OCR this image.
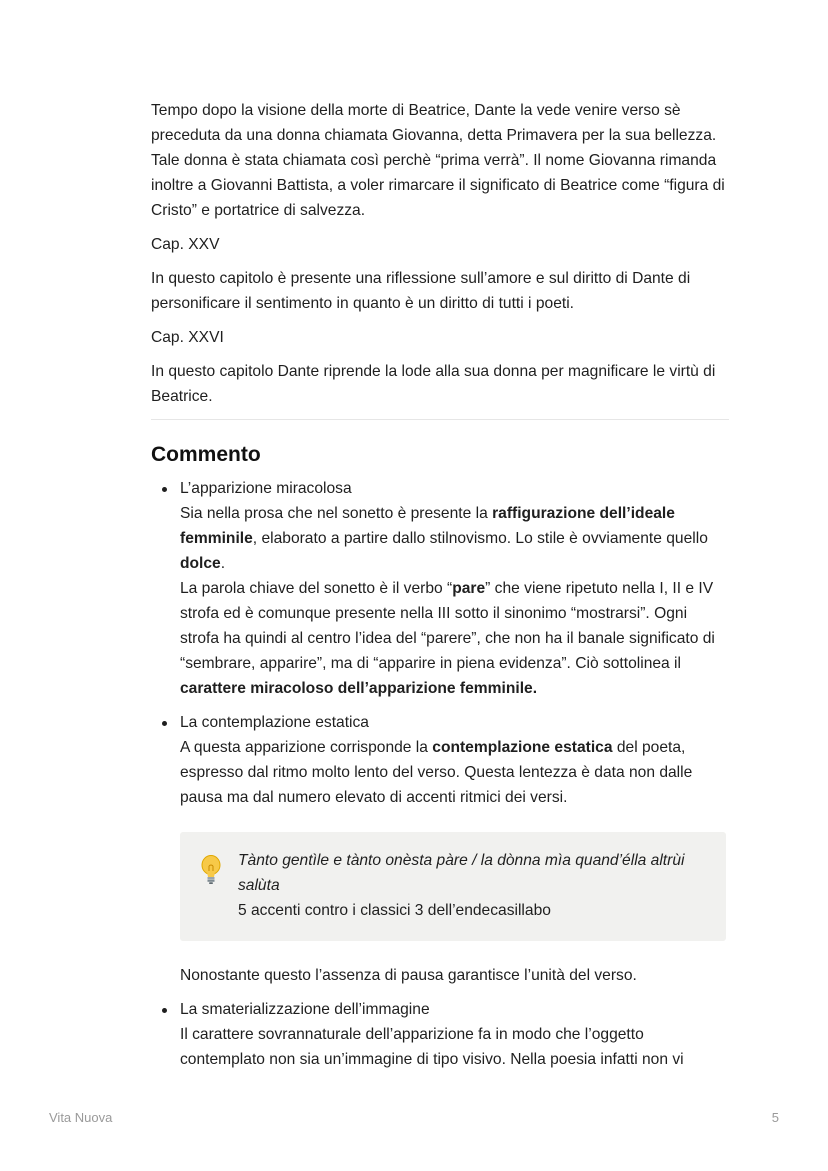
Tempo dopo la visione della morte di Beatrice, Dante la vede venire verso sè preceduta da una donna chiamata Giovanna, detta Primavera per la sua bellezza. Tale donna è stata chiamata così perchè “prima verrà”. Il nome Giovanna rimanda inoltre a Giovanni Battista, a voler rimarcare il significato di Beatrice come “figura di Cristo” e portatrice di salvezza.

Cap. XXV

In questo capitolo è presente una riflessione sull’amore e sul diritto di Dante di personificare il sentimento in quanto è un diritto di tutti i poeti.

Cap. XXVI

In questo capitolo Dante riprende la lode alla sua donna per magnificare le virtù di Beatrice.

Commento

L’apparizione miracolosa

Sia nella prosa che nel sonetto è presente la raffigurazione dell’ideale femminile, elaborato a partire dallo stilnovismo. Lo stile è ovviamente quello dolce.

La parola chiave del sonetto è il verbo “pare” che viene ripetuto nella I, II e IV strofa ed è comunque presente nella III sotto il sinonimo “mostrarsi”. Ogni strofa ha quindi al centro l’idea del “parere”, che non ha il banale significato di “sembrare, apparire”, ma di “apparire in piena evidenza”. Ciò sottolinea il carattere miracoloso dell’apparizione femminile.

La contemplazione estatica

A questa apparizione corrisponde la contemplazione estatica del poeta, espresso dal ritmo molto lento del verso. Questa lentezza è data non dalle pausa ma dal numero elevato di accenti ritmici dei versi.

Tànto gentìle e tànto onèsta pàre / la dònna mìa quand’élla altrùi salùta

5 accenti contro i classici 3 dell’endecasillabo

Nonostante questo l’assenza di pausa garantisce l’unità del verso.

La smaterializzazione dell’immagine

Il carattere sovrannaturale dell’apparizione fa in modo che l’oggetto contemplato non sia un’immagine di tipo visivo. Nella poesia infatti non vi

Vita Nuova	5
